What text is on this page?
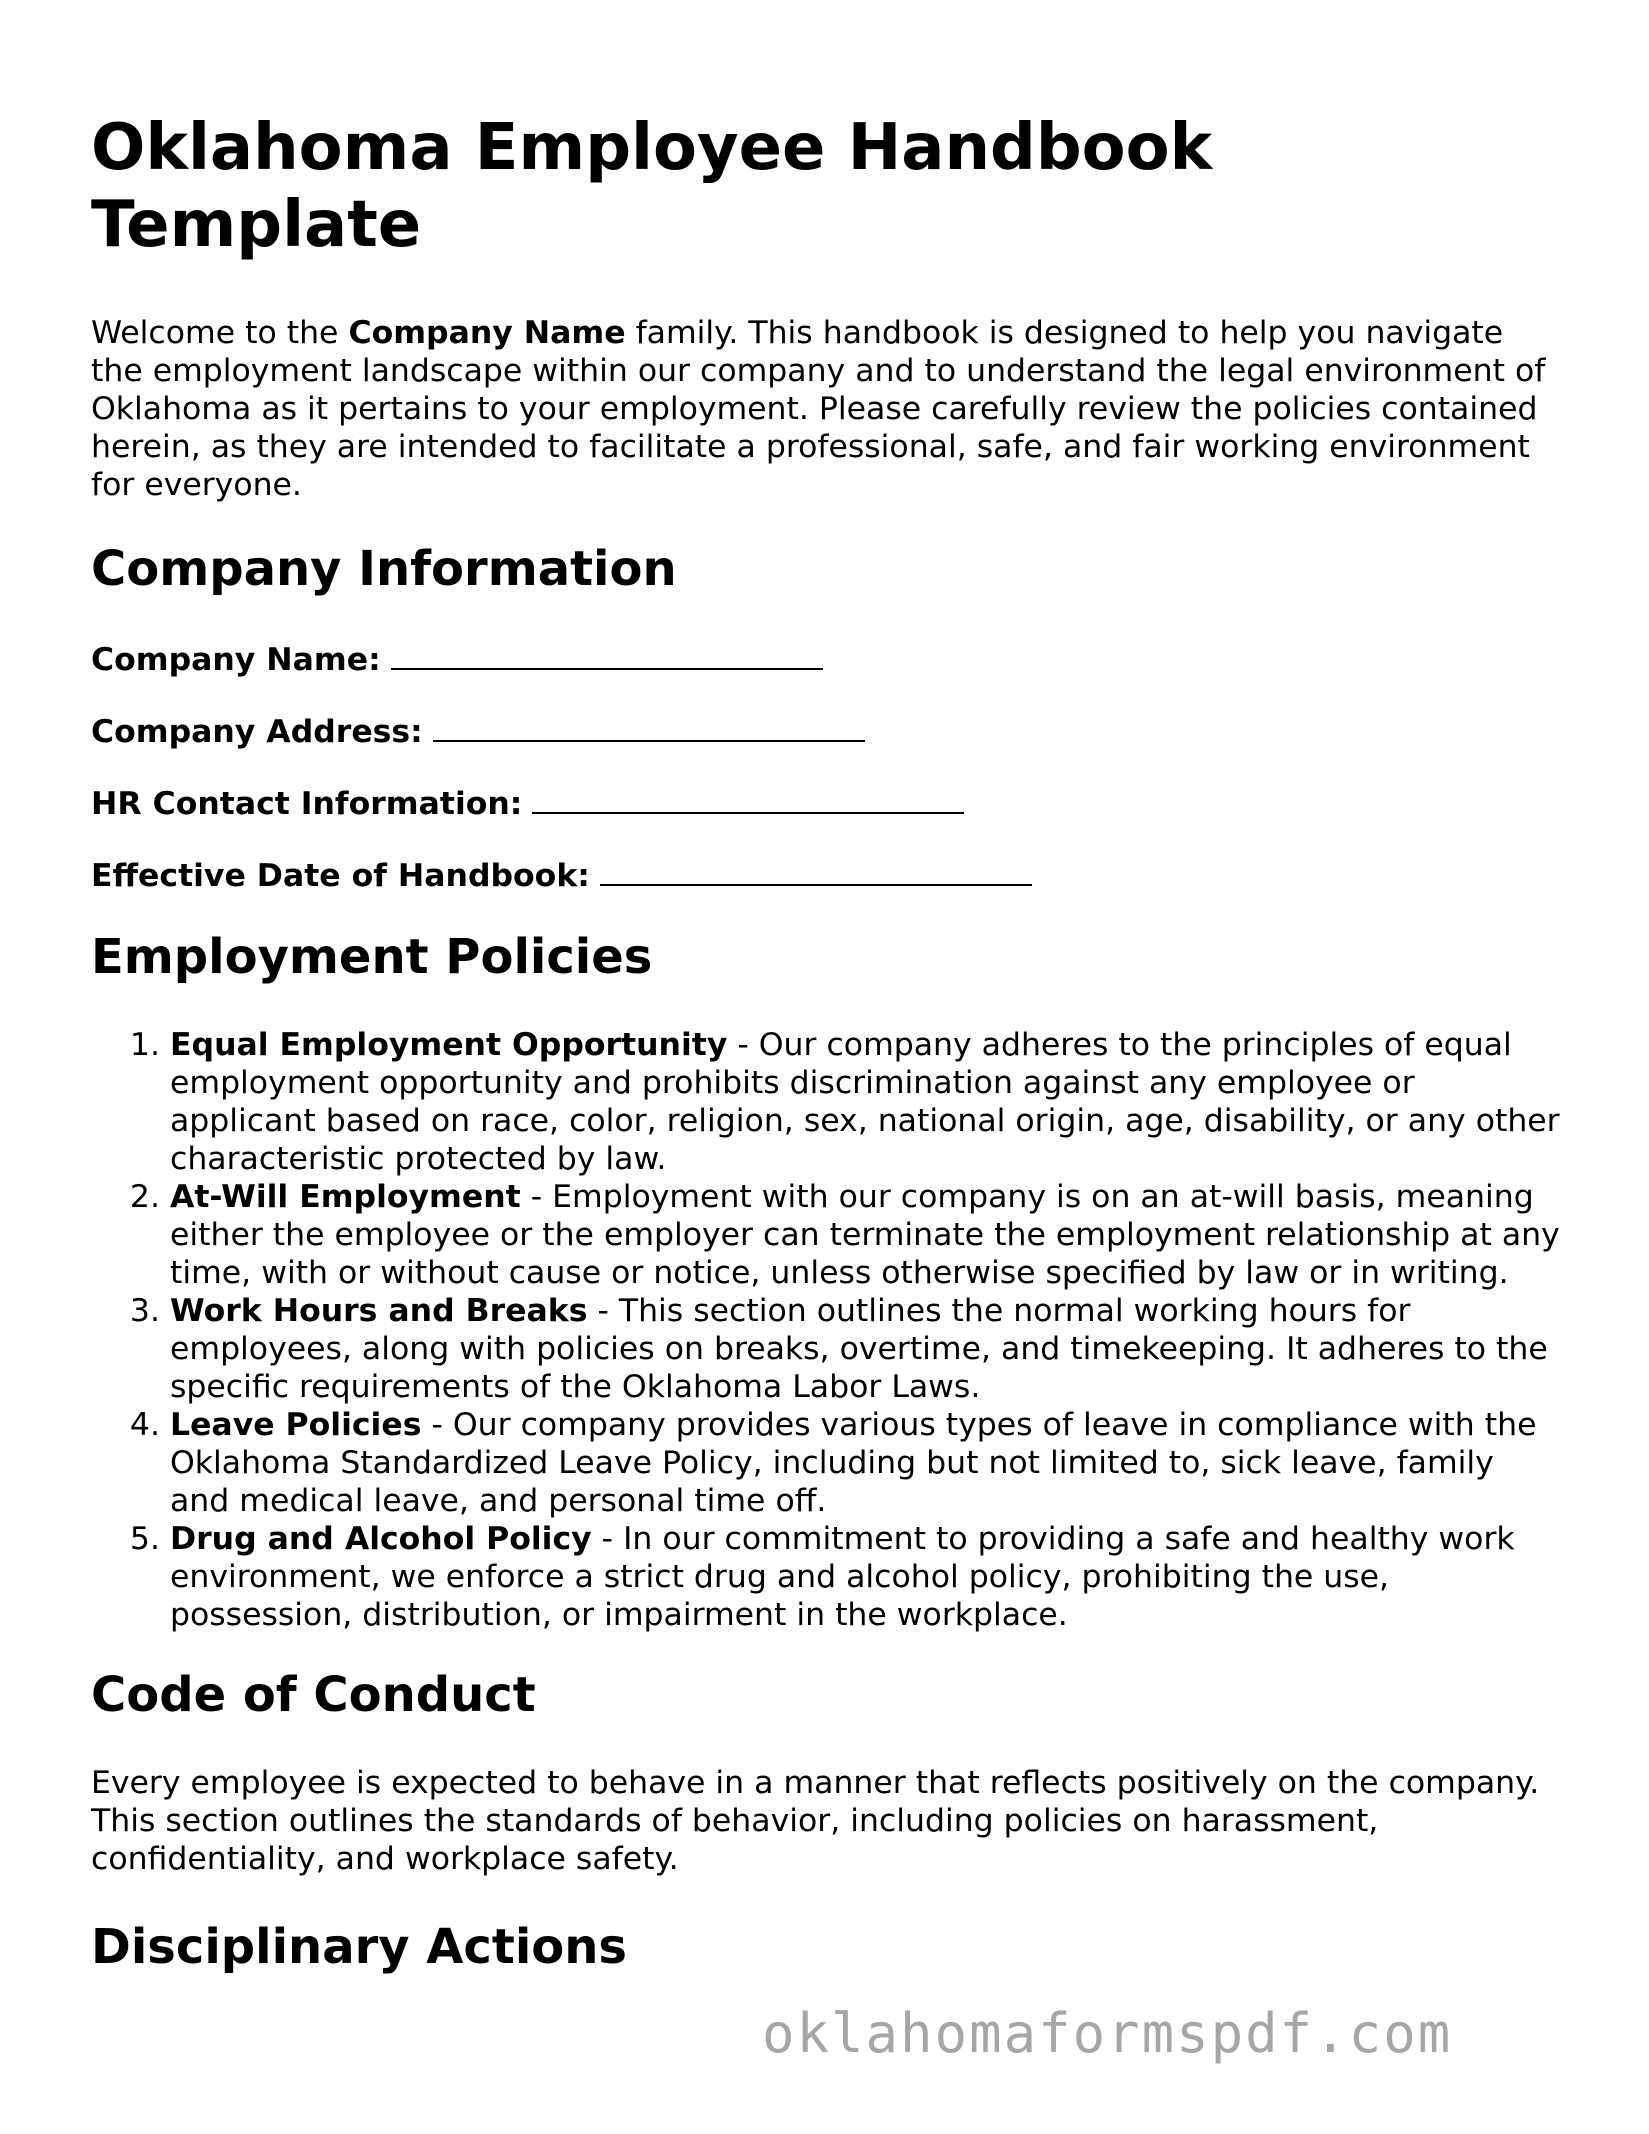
Oklahoma Employee Handbook Template

Welcome to the Company Name family. This handbook is designed to help you navigate the employment landscape within our company and to understand the legal environment of Oklahoma as it pertains to your employment. Please carefully review the policies contained herein, as they are intended to facilitate a professional, safe, and fair working environment for everyone.

Company Information
Company Name:
Company Address:
HR Contact Information:
Effective Date of Handbook:
Employment Policies
1. Equal Employment Opportunity - Our company adheres to the principles of equal employment opportunity and prohibits discrimination against any employee or applicant based on race, color, religion, sex, national origin, age, disability, or any other characteristic protected by law.
2. At-Will Employment - Employment with our company is on an at-will basis, meaning either the employee or the employer can terminate the employment relationship at any time, with or without cause or notice, unless otherwise specified by law or in writing.
3. Work Hours and Breaks - This section outlines the normal working hours for employees, along with policies on breaks, overtime, and timekeeping. It adheres to the specific requirements of the Oklahoma Labor Laws.
4. Leave Policies - Our company provides various types of leave in compliance with the Oklahoma Standardized Leave Policy, including but not limited to, sick leave, family and medical leave, and personal time off.
5. Drug and Alcohol Policy - In our commitment to providing a safe and healthy work environment, we enforce a strict drug and alcohol policy, prohibiting the use, possession, distribution, or impairment in the workplace.
Code of Conduct

Every employee is expected to behave in a manner that reflects positively on the company. This section outlines the standards of behavior, including policies on harassment, confidentiality, and workplace safety.

Disciplinary Actions
oklahomaformspdf.com
